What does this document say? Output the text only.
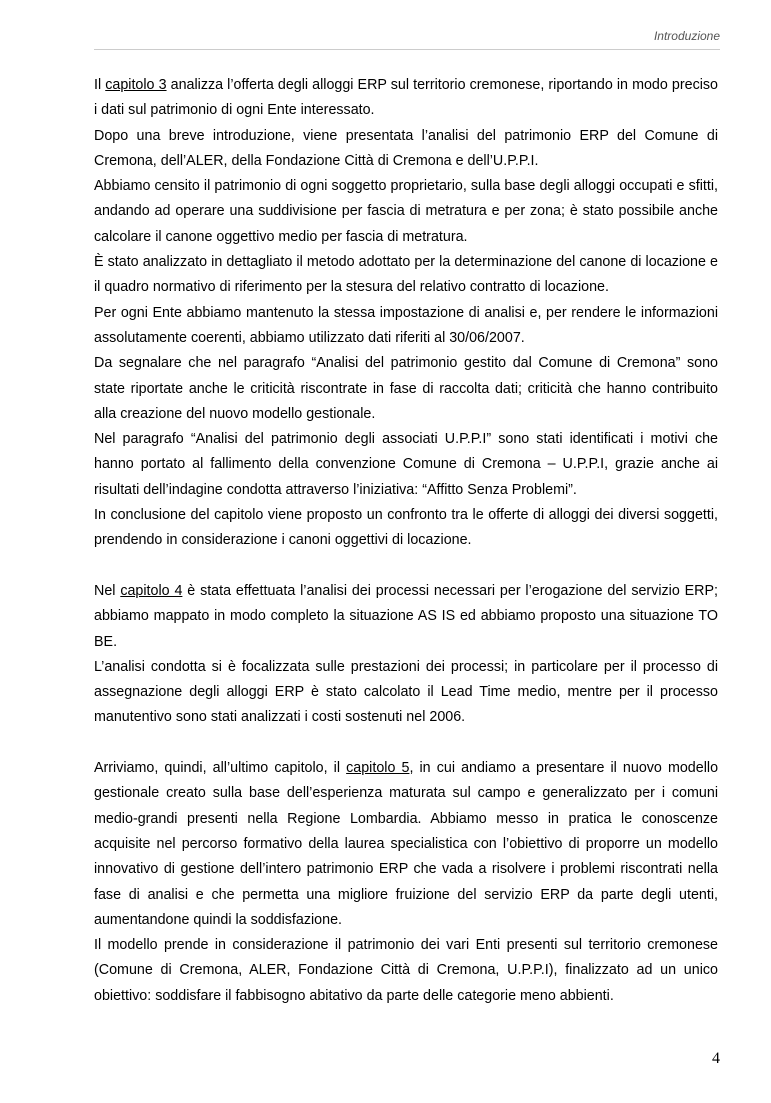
Introduzione

Il capitolo 3 analizza l’offerta degli alloggi ERP sul territorio cremonese, riportando in modo preciso i dati sul patrimonio di ogni Ente interessato.

Dopo una breve introduzione, viene presentata l’analisi del patrimonio ERP del Comune di Cremona, dell’ALER, della Fondazione Città di Cremona e dell’U.P.P.I.

Abbiamo censito il patrimonio di ogni soggetto proprietario, sulla base degli alloggi occupati e sfitti, andando ad operare una suddivisione per fascia di metratura e per zona; è stato possibile anche calcolare il canone oggettivo medio per fascia di metratura.

È stato analizzato in dettagliato il metodo adottato per la determinazione del canone di locazione e il quadro normativo di riferimento per la stesura del relativo contratto di locazione.

Per ogni Ente abbiamo mantenuto la stessa impostazione di analisi e, per rendere le informazioni assolutamente coerenti, abbiamo utilizzato dati riferiti al 30/06/2007.

Da segnalare che nel paragrafo “Analisi del patrimonio gestito dal Comune di Cremona” sono state riportate anche le criticità riscontrate in fase di raccolta dati; criticità che hanno contribuito alla creazione del nuovo modello gestionale.

Nel paragrafo “Analisi del patrimonio degli associati U.P.P.I” sono stati identificati i motivi che hanno portato al fallimento della convenzione Comune di Cremona – U.P.P.I, grazie anche ai risultati dell’indagine condotta attraverso l’iniziativa: “Affitto Senza Problemi”.

In conclusione del capitolo viene proposto un confronto tra le offerte di alloggi dei diversi soggetti, prendendo in considerazione i canoni oggettivi di locazione.

Nel capitolo 4 è stata effettuata l’analisi dei processi necessari per l’erogazione del servizio ERP; abbiamo mappato in modo completo la situazione AS IS ed abbiamo proposto una situazione TO BE.

L’analisi condotta si è focalizzata sulle prestazioni dei processi; in particolare per il processo di assegnazione degli alloggi ERP è stato calcolato il Lead Time medio, mentre per il processo manutentivo sono stati analizzati i costi sostenuti nel 2006.

Arriviamo, quindi, all’ultimo capitolo, il capitolo 5, in cui andiamo a presentare il nuovo modello gestionale creato sulla base dell’esperienza maturata sul campo e generalizzato per i comuni medio-grandi presenti nella Regione Lombardia. Abbiamo messo in pratica le conoscenze acquisite nel percorso formativo della laurea specialistica con l’obiettivo di proporre un modello innovativo di gestione dell’intero patrimonio ERP che vada a risolvere i problemi riscontrati nella fase di analisi e che permetta una migliore fruizione del servizio ERP da parte degli utenti, aumentandone quindi la soddisfazione.

Il modello prende in considerazione il patrimonio dei vari Enti presenti sul territorio cremonese (Comune di Cremona, ALER, Fondazione Città di Cremona, U.P.P.I), finalizzato ad un unico obiettivo: soddisfare il fabbisogno abitativo da parte delle categorie meno abbienti.

4
